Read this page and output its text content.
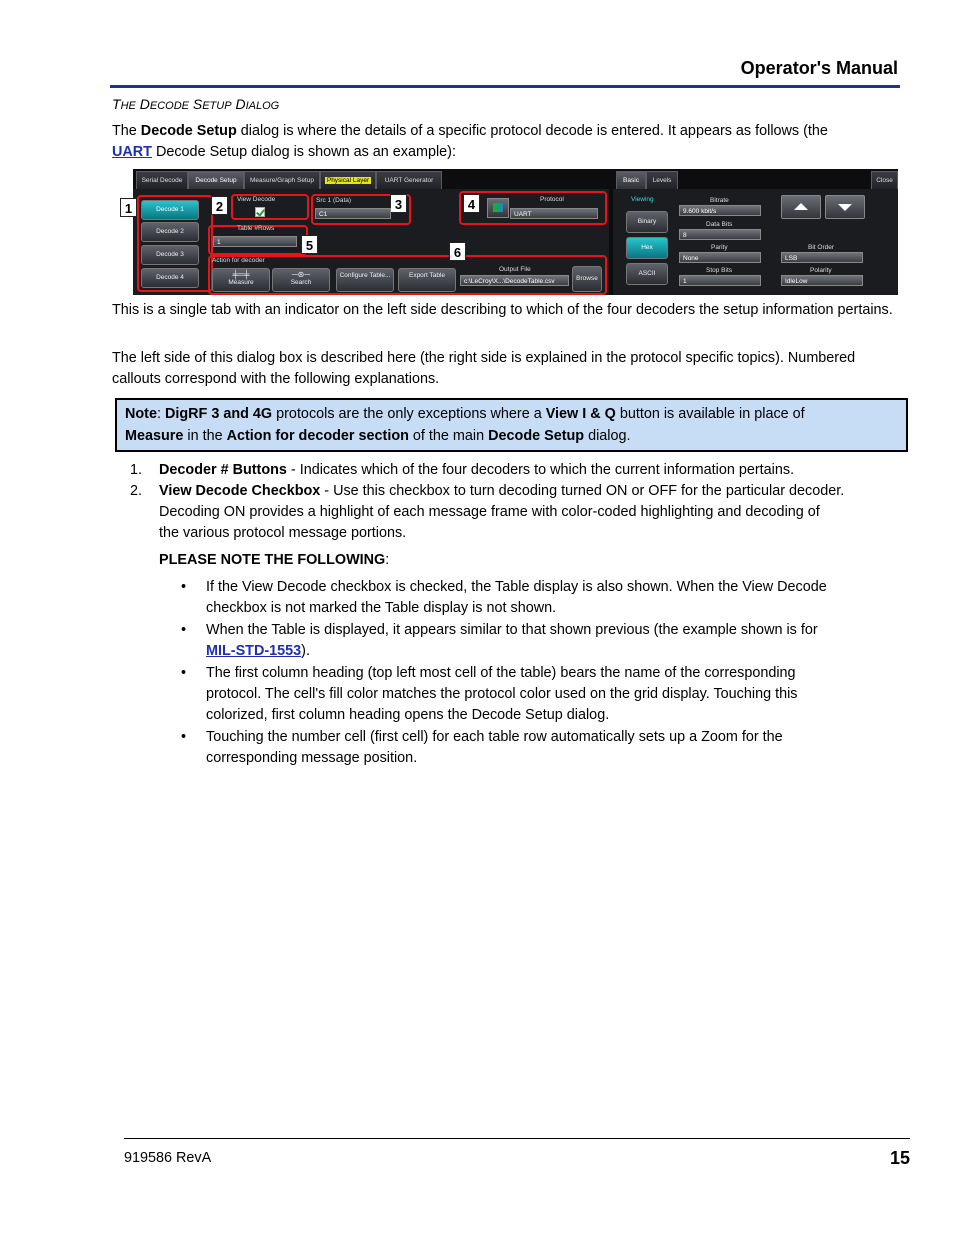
Operator's Manual
THE DECODE SETUP DIALOG
The Decode Setup dialog is where the details of a specific protocol decode is entered. It appears as follows (the
UART Decode Setup dialog is shown as an example):
Serial Decode	Decode Setup	Measure/Graph Setup	Physical Layer	UART Generator	Basic	Levels	Close
Decode 1
Decode 2
Decode 3
Decode 4
1	2	View Decode	3
Src 1 (Data)
C1
4	Protocol
UART
5
Table #Rows
1
6
Action for decoder
╪═╪
Measure
─⊛─
Search
Configure Table...	Export Table
Output File
c:\LeCroy\X...\DecodeTable.csv	Browse
Viewing
Binary
Hex
ASCII
Bitrate
9.600 kbit/s
Data Bits
8
Parity
None
Stop Bits
1
Bit Order
LSB
Polarity
IdleLow
This is a single tab with an indicator on the left side describing to which of the four decoders the setup information pertains.
The left side of this dialog box is described here (the right side is explained in the protocol specific topics). Numbered callouts correspond with the following explanations.
Note: DigRF 3 and 4G protocols are the only exceptions where a View I & Q button is available in place of
Measure in the Action for decoder section of the main Decode Setup dialog.
1. Decoder # Buttons - Indicates which of the four decoders to which the current information pertains.
2. View Decode Checkbox - Use this checkbox to turn decoding turned ON or OFF for the particular decoder.
Decoding ON provides a highlight of each message frame with color-coded highlighting and decoding of
the various protocol message portions.
PLEASE NOTE THE FOLLOWING:
• If the View Decode checkbox is checked, the Table display is also shown. When the View Decode
checkbox is not marked the Table display is not shown.
• When the Table is displayed, it appears similar to that shown previous (the example shown is for
MIL-STD-1553).
• The first column heading (top left most cell of the table) bears the name of the corresponding
protocol. The cell's fill color matches the protocol color used on the grid display. Touching this
colorized, first column heading opens the Decode Setup dialog.
• Touching the number cell (first cell) for each table row automatically sets up a Zoom for the
corresponding message position.
919586 RevA	15
